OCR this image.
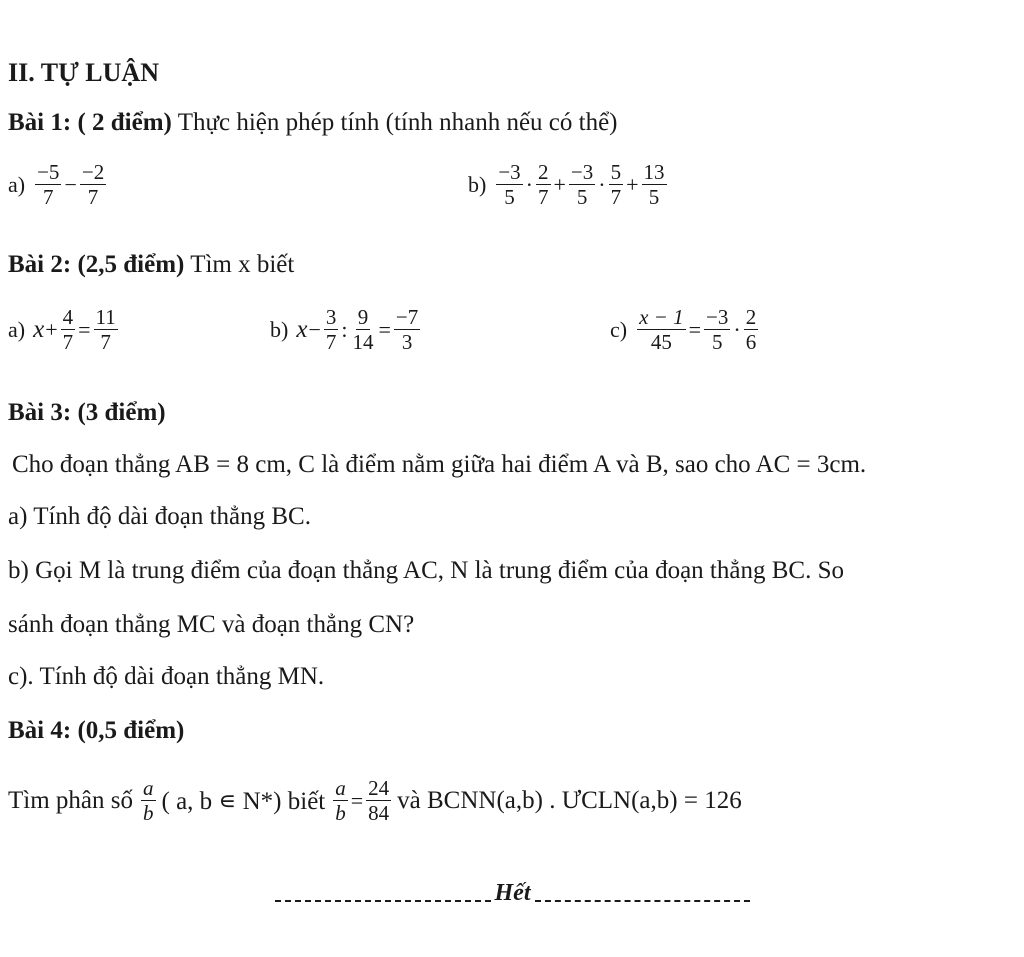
II. TỰ LUẬN
Bài 1: ( 2 điểm) Thực hiện phép tính (tính nhanh nếu có thể)
$a) \frac{-5}{7} - \frac{-2}{7}$	$b) \frac{-3}{5} \cdot \frac{2}{7} + \frac{-3}{5} \cdot \frac{5}{7} + \frac{13}{5}$
Bài 2: (2,5 điểm) Tìm x biết
a) $x + \frac{4}{7} = \frac{11}{7}$	b) $x - \frac{3}{7}$ : $\frac{9}{14} = \frac{-7}{3}$	$c) \frac{x - 1}{45} = \frac{-3}{5} \cdot \frac{2}{6}$
Bài 3: (3 điểm)
Cho đoạn thẳng AB = 8 cm, C là điểm nằm giữa hai điểm A và B, sao cho AC = 3cm.
a) Tính độ dài đoạn thẳng BC.
b) Gọi M là trung điểm của đoạn thẳng AC, N là trung điểm của đoạn thẳng BC. So
sánh đoạn thẳng MC và đoạn thẳng CN?
c). Tính độ dài đoạn thẳng MN.
Bài 4: (0,5 điểm)
Tìm phân số $\frac{a}{b}$ ( a, b ∊ N*) biết $\frac{a}{b} = \frac{24}{84}$ và BCNN(a,b) . ƯCLN(a,b) = 126
Hết
